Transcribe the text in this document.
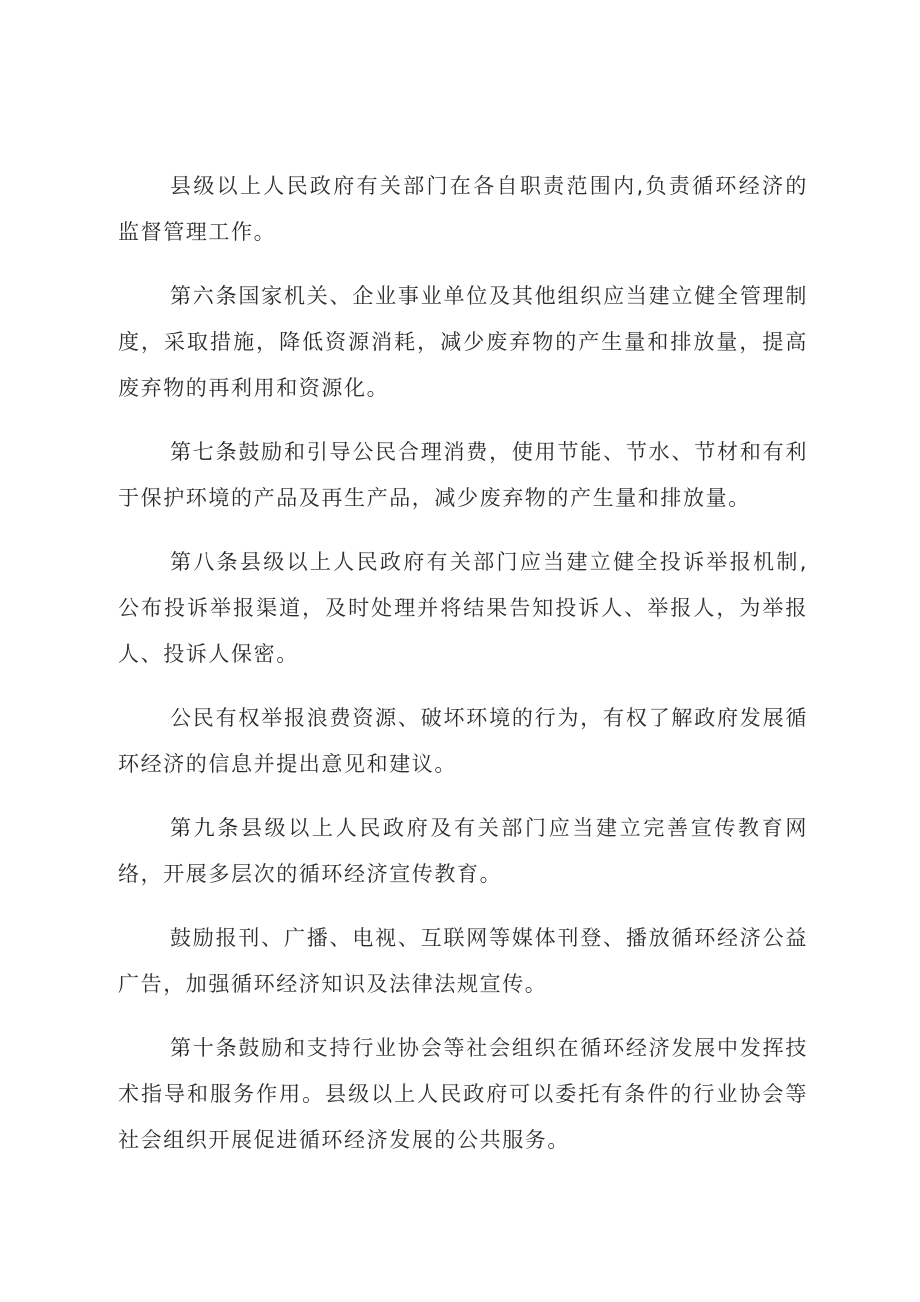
县级以上人民政府有关部门在各自职责范围内,负责循环经济的监督管理工作。

第六条国家机关、企业事业单位及其他组织应当建立健全管理制度，采取措施，降低资源消耗，减少废弃物的产生量和排放量，提高废弃物的再利用和资源化。

第七条鼓励和引导公民合理消费，使用节能、节水、节材和有利于保护环境的产品及再生产品，减少废弃物的产生量和排放量。

第八条县级以上人民政府有关部门应当建立健全投诉举报机制,公布投诉举报渠道，及时处理并将结果告知投诉人、举报人，为举报人、投诉人保密。

公民有权举报浪费资源、破坏环境的行为，有权了解政府发展循环经济的信息并提出意见和建议。

第九条县级以上人民政府及有关部门应当建立完善宣传教育网络，开展多层次的循环经济宣传教育。

鼓励报刊、广播、电视、互联网等媒体刊登、播放循环经济公益广告，加强循环经济知识及法律法规宣传。

第十条鼓励和支持行业协会等社会组织在循环经济发展中发挥技术指导和服务作用。县级以上人民政府可以委托有条件的行业协会等社会组织开展促进循环经济发展的公共服务。
